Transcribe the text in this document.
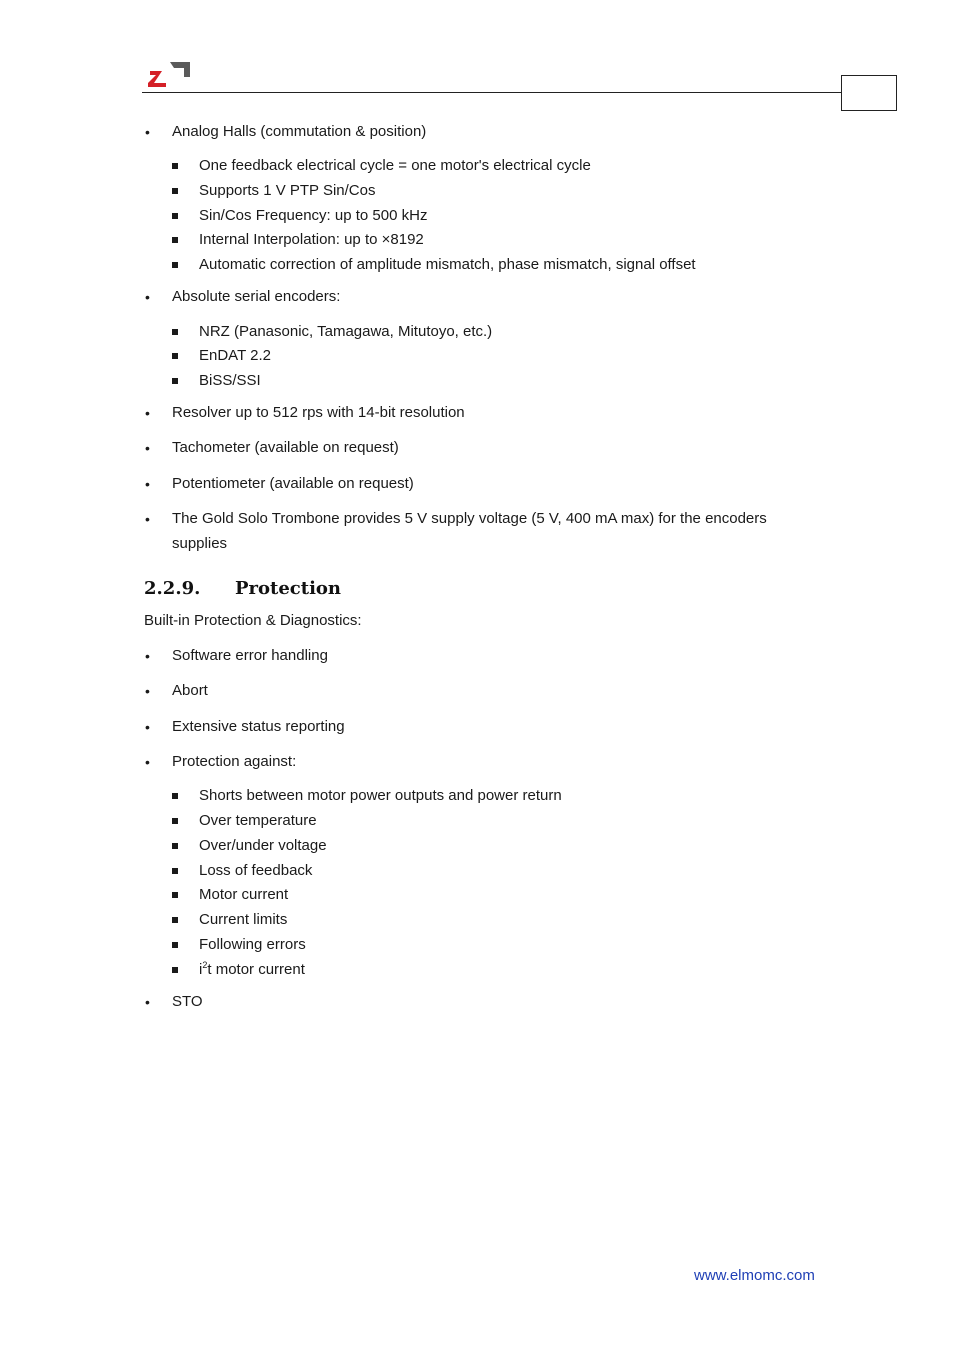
• Analog Halls (commutation & position)
One feedback electrical cycle = one motor's electrical cycle
Supports 1 V PTP Sin/Cos
Sin/Cos Frequency: up to 500 kHz
Internal Interpolation: up to ×8192
Automatic correction of amplitude mismatch, phase mismatch, signal offset
• Absolute serial encoders:
NRZ (Panasonic, Tamagawa, Mitutoyo, etc.)
EnDAT 2.2
BiSS/SSI
• Resolver up to 512 rps with 14-bit resolution
• Tachometer (available on request)
• Potentiometer (available on request)
• The Gold Solo Trombone provides 5 V supply voltage (5 V, 400 mA max) for the encoders
supplies
2.2.9. Protection
Built-in Protection & Diagnostics:
• Software error handling
• Abort
• Extensive status reporting
• Protection against:
Shorts between motor power outputs and power return
Over temperature
Over/under voltage
Loss of feedback
Motor current
Current limits
Following errors
$i^2t$ motor current
• STO
www.elmomc.com
